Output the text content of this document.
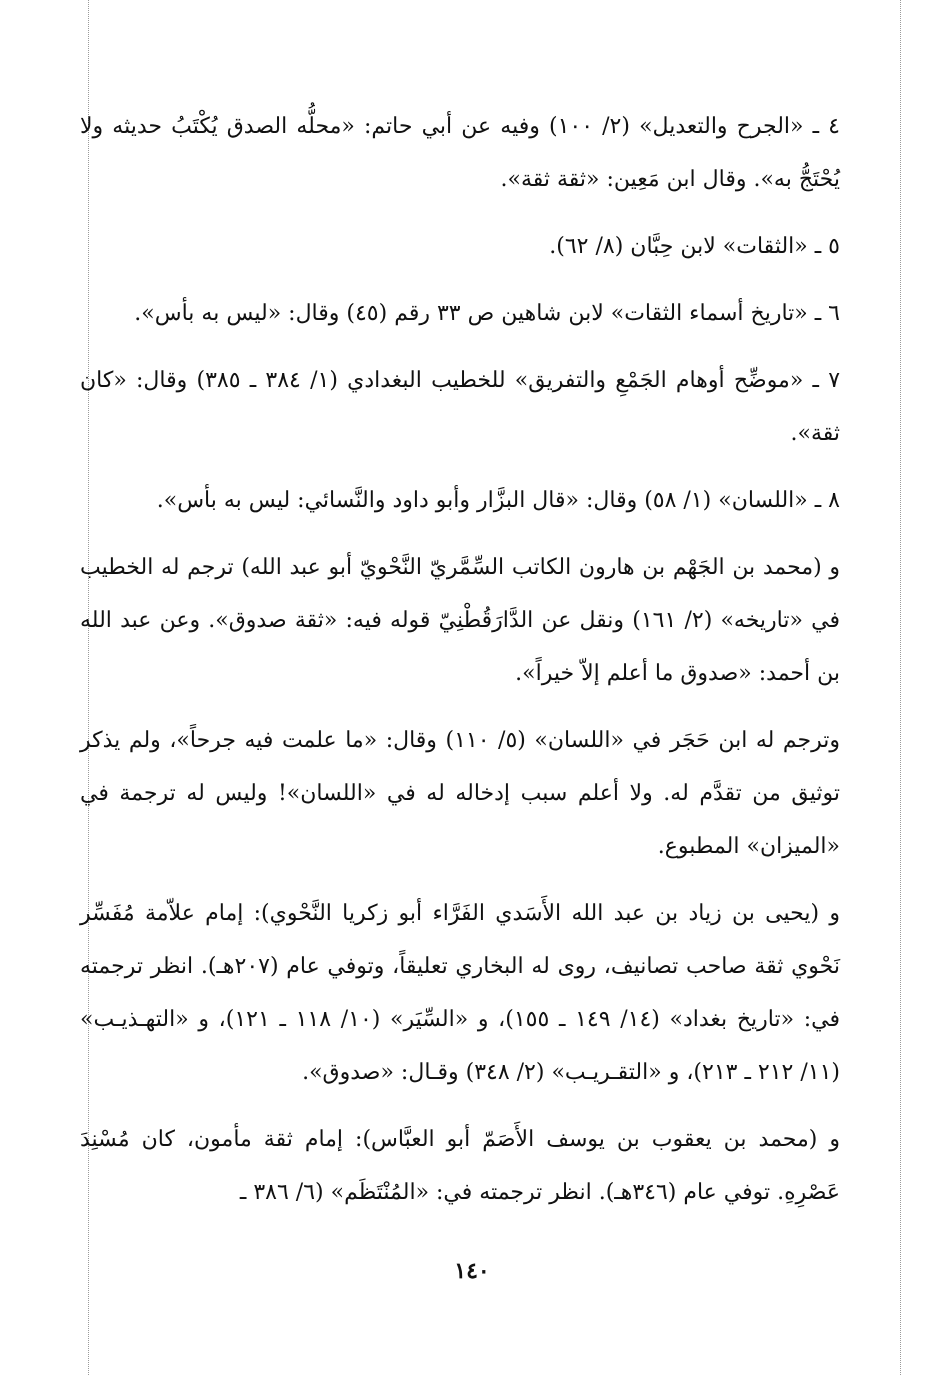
٤ ـ «الجرح والتعديل» (٢/ ١٠٠) وفيه عن أبي حاتم: «محلُّه الصدق يُكْتَبُ حديثه ولا يُحْتَجُّ به». وقال ابن مَعِين: «ثقة ثقة».

٥ ـ «الثقات» لابن حِبَّان (٨/ ٦٢).

٦ ـ «تاريخ أسماء الثقات» لابن شاهين ص ٣٣ رقم (٤٥) وقال: «ليس به بأس».

٧ ـ «موضِّح أوهام الجَمْعِ والتفريق» للخطيب البغدادي (١/ ٣٨٤ ـ ٣٨٥) وقال: «كان ثقة».

٨ ـ «اللسان» (١/ ٥٨) وقال: «قال البزَّار وأبو داود والنَّسائي: ليس به بأس».

و (محمد بن الجَهْم بن هارون الكاتب السِّمَّريّ النَّحْويّ أبو عبد الله) ترجم له الخطيب في «تاريخه» (٢/ ١٦١) ونقل عن الدَّارَقُطْنِيّ قوله فيه: «ثقة صدوق». وعن عبد الله بن أحمد: «صدوق ما أعلم إلاّ خيراً».

وترجم له ابن حَجَر في «اللسان» (٥/ ١١٠) وقال: «ما علمت فيه جرحاً»، ولم يذكر توثيق من تقدَّم له. ولا أعلم سبب إدخاله له في «اللسان»! وليس له ترجمة في «الميزان» المطبوع.

و (يحيى بن زياد بن عبد الله الأَسَدي الفَرَّاء أبو زكريا النَّحْوي): إمام علاّمة مُفَسِّر نَحْوي ثقة صاحب تصانيف، روى له البخاري تعليقاً، وتوفي عام (٢٠٧هـ). انظر ترجمته في: «تاريخ بغداد» (١٤/ ١٤٩ ـ ١٥٥)، و «السِّيَر» (١٠/ ١١٨ ـ ١٢١)، و «التهـذيـب» (١١/ ٢١٢ ـ ٢١٣)، و «التقـريـب» (٢/ ٣٤٨) وقـال: «صدوق».

و (محمد بن يعقوب بن يوسف الأَصَمّ أبو العبَّاس): إمام ثقة مأمون، كان مُسْنِدَ عَصْرِهِ. توفي عام (٣٤٦هـ). انظر ترجمته في: «المُنْتَظَم» (٦/ ٣٨٦ ـ

١٤٠
